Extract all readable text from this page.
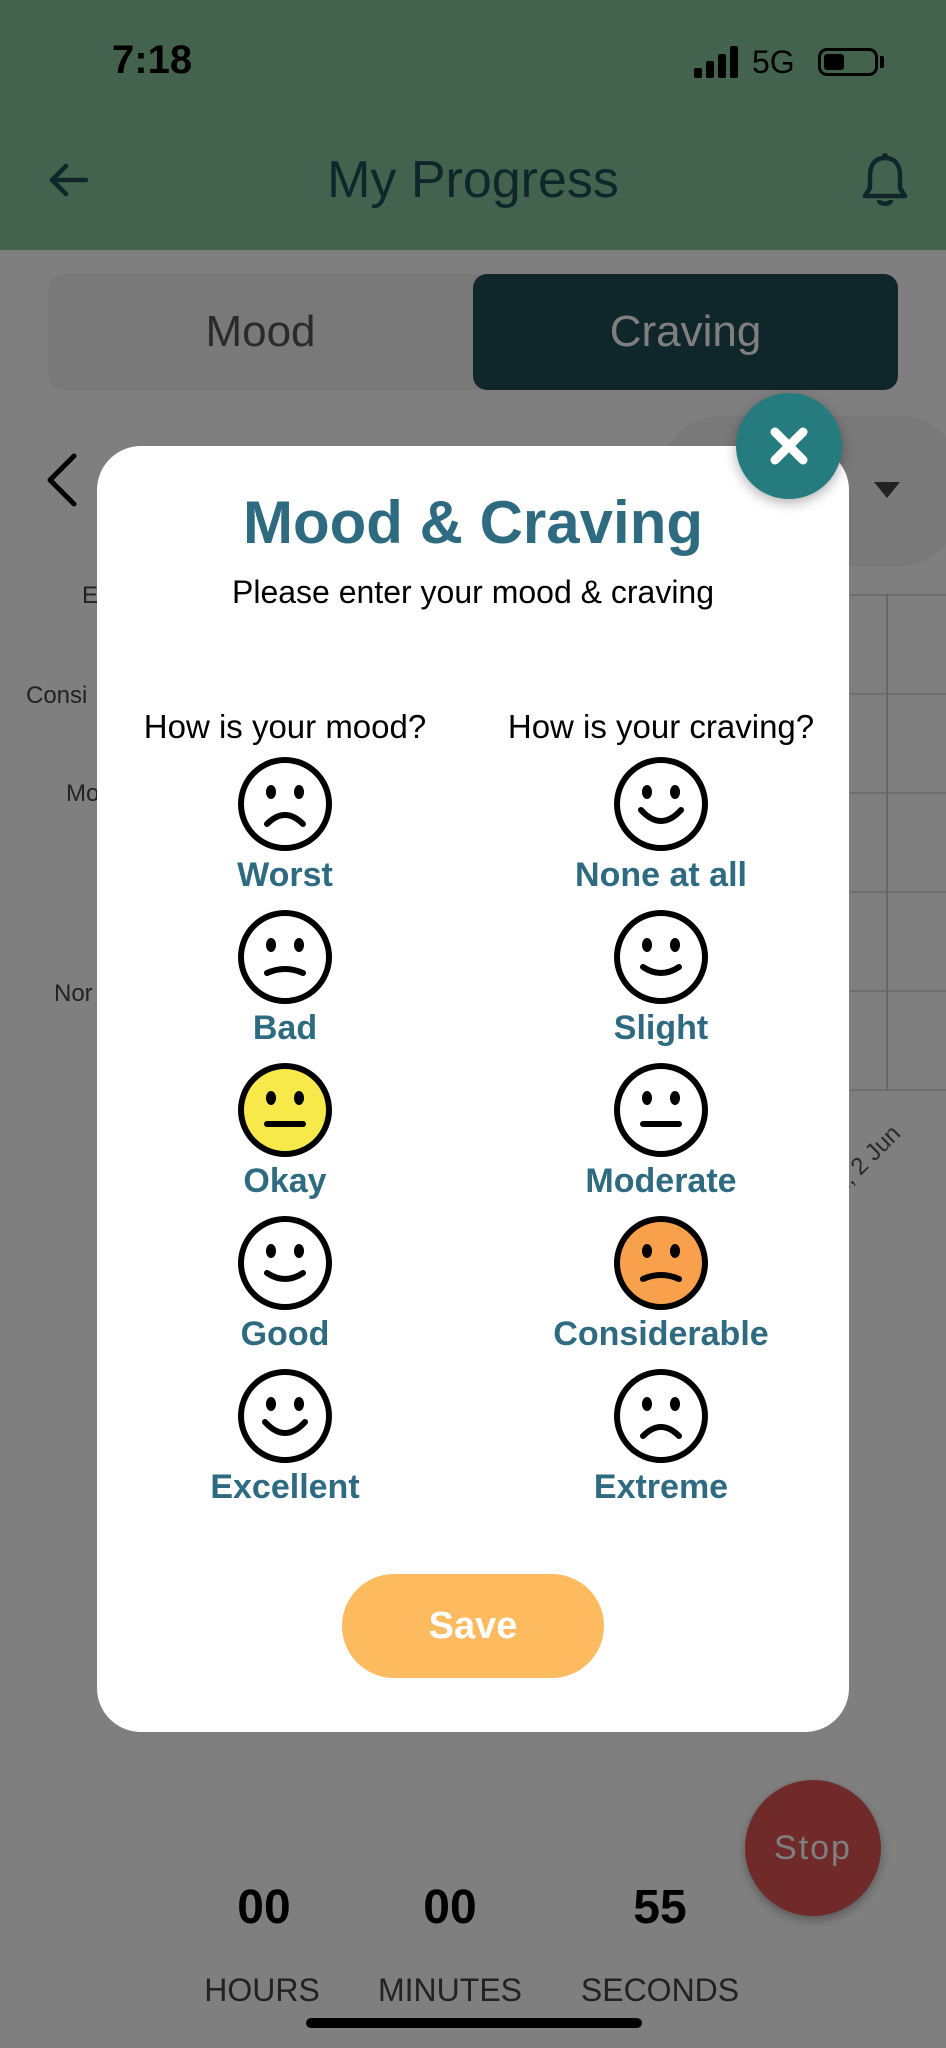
Mood & Craving
Please enter your mood & craving
How is your mood?	How is your craving?
Worst
Bad
Okay
Good
Excellent
None at all
Slight
Moderate
Considerable
Extreme
Save
